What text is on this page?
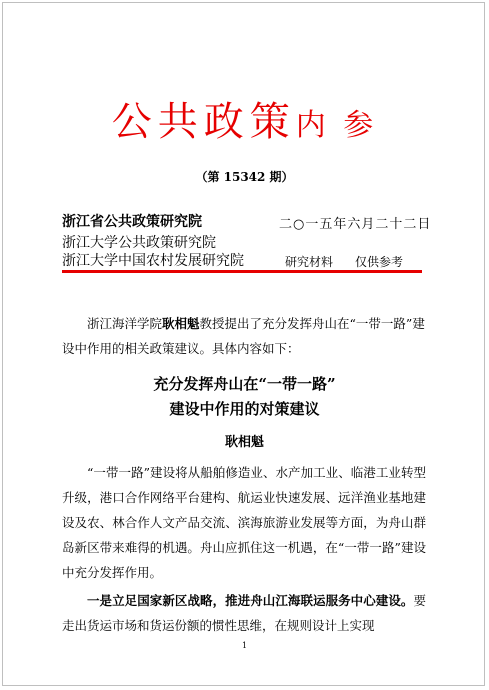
公共政策内 参
（第 15342 期）
浙江省公共政策研究院
浙江大学公共政策研究院
浙江大学中国农村发展研究院
二○一五年六月二十二日
研究材料 仅供参考

浙江海洋学院耿相魁教授提出了充分发挥舟山在“一带一路”建设中作用的相关政策建议。具体内容如下：

充分发挥舟山在“一带一路”
建设中作用的对策建议
耿相魁

“一带一路”建设将从船舶修造业、水产加工业、临港工业转型升级，港口合作网络平台建构、航运业快速发展、远洋渔业基地建设及农、林合作人文产品交流、滨海旅游业发展等方面，为舟山群岛新区带来难得的机遇。舟山应抓住这一机遇，在“一带一路”建设中充分发挥作用。

一是立足国家新区战略，推进舟山江海联运服务中心建设。要走出货运市场和货运份额的惯性思维，在规则设计上实现

1
